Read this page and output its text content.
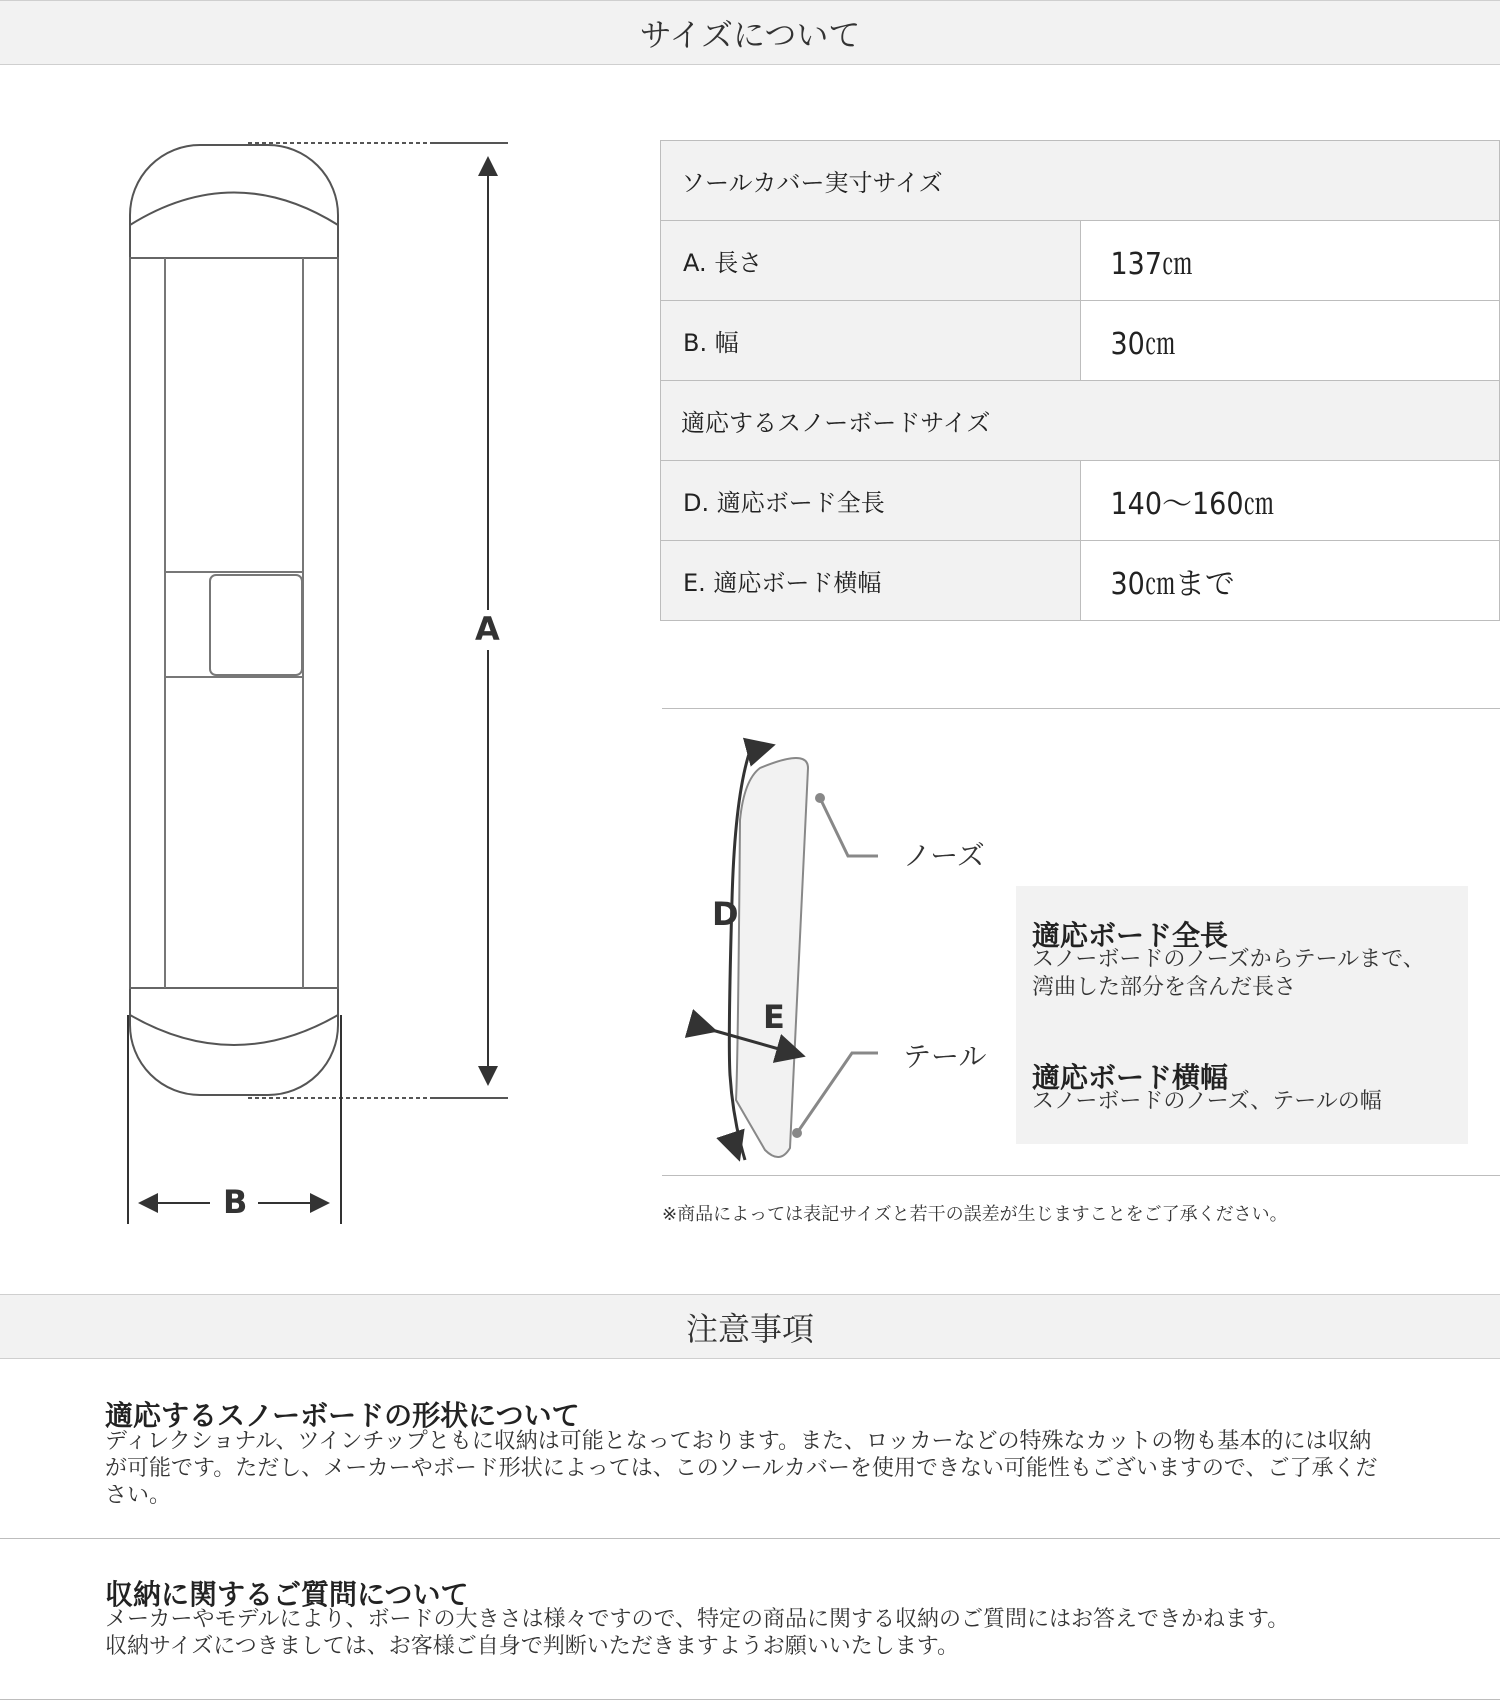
サイズについて
A
B
D
E
ノーズ
テール
ソールカバー実寸サイズ	
A. 長さ	137㎝
B. 幅	30㎝
適応するスノーボードサイズ	
D. 適応ボード全長	140～160㎝
E. 適応ボード横幅	30㎝まで
適応ボード全長
スノーボードのノーズからテールまで、
湾曲した部分を含んだ長さ
適応ボード横幅
スノーボードのノーズ、テールの幅
※商品によっては表記サイズと若干の誤差が生じますことをご了承ください。
注意事項
適応するスノーボードの形状について
ディレクショナル、ツインチップともに収納は可能となっております。また、ロッカーなどの特殊なカットの物も基本的には収納
が可能です。ただし、メーカーやボード形状によっては、このソールカバーを使用できない可能性もございますので、ご了承くだ
さい。
収納に関するご質問について
メーカーやモデルにより、ボードの大きさは様々ですので、特定の商品に関する収納のご質問にはお答えできかねます。
収納サイズにつきましては、お客様ご自身で判断いただきますようお願いいたします。
